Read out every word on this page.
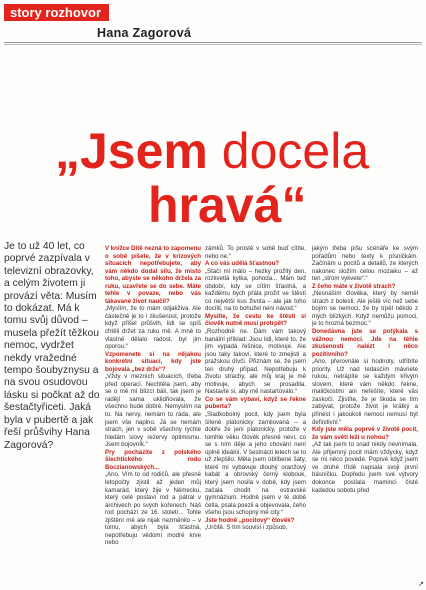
story rozhovor
Hana Zagorová
„Jsem docela
hravá“
Je to už 40 let, co poprvé zazpívala v televizní obrazovky, a celým životem ji provází věta: Musím to dokázat. Má k tomu svůj důvod – musela přežít těžkou nemoc, vydržet nekdy vražedné tempo šoubyznysu a na svou osudovou lásku si počkat až do šestačtyřiceti. Jaká byla v pubertě a jak řeší průšvihy Hana Zagorová?

V knížce Dítě nezná to zapomenu o sobě píšete, že v krizových situacích nepotřebujete, aby vám někdo dodal sílu, že místo toho, abyste se někoho držela za ruku, uzavřete se do sebe. Máte tehle v povaze, nebo vás tákavané život naučil?

„Myslím, že to mám odjakživa. Ale částečně je to i zkušenost, protože když přišel průšvih, lidi se spíš chtěli držet za ruku mě. A mně to vlastně dělalo radost, byl jim oporou.“

Vzpomenete si na nějakou konkrétní situaci, kdy jste bojovala „bez drže“?

„Vždy v mezních situacích, třeba před operací. Nechtěla jsem, aby se o mě mí blízcí báli, tak jsem je radějí sama uklidňovala, že všechno bude dobré. Nemyslím na to. Na nervy, nemám to ráda, ale jsem vše naplno. Já se nemám strach, jen v sobě všechny rychle hledám slovy rezervy optimismu. Jsem bojovník.“

Pry pocházíte z polského šlechtického rodu Boczianowských...

„Ano. Vím to od rodičů, ale přesné letopočty zjistil až jeden můj kamarád, který žije v Německu, který celé postaví rod a pátral v archivech po svých kořenech. Náš rod pochází ze 16. století... Tohle zjištění mě ale nijak nezměnilo – v tomu, abych byla šťastná, nepotřebuju vědomí modré krve nebo

zámků. To prostě v sobě buď cítíte, nebo ne.“

A co vás udělá šťastnou?

„Stačí mi málo – hezky prožitý den, rozkvetlá kytka, pohoda... Mám teď období, kdy se cítím šťastná, a každému bych přála prožít ve štěstí co největší kus života – ale jak toho docílit, na to bohužel není návod.“

Myslíte, že cestu ke štěstí si člověk nutně musí protrpět?

„Rozhodně ne. Dám vám takový banální příklad: Jsou lidi, které to, že jim vypadá řešnice, motivuje. Ale jsou taky takoví, které to zmejistí a pražskou dívčí. Přiznám se, že jsem ten druhý případ. Nepotřebuju k životu strachy, ale můj kraj je mě motivuje, abych se prosadila. Nastavte si, aby mě nastartovalo.“

Co se vám vybaví, když se řekne puberta?

„Sladkobolný pocit, kdy jsem byla šílené platonicky zamilovaná – a dobře že jeni platonicky, protože v tomhle věku člověk přesně neví, co se s ním děje a jeho chování není úplně ideální. V šestnácti letech se to už zlepšilo. Měla jsem oblíbené šaty, které mi vybavuje dlouhý oranžový kabát a obrovský černý klobouk, který jsem nosila v době, kdy jsem začala chodit na ostravské gymnázium. Hodně jsem v té době četla, psala poezii a objevovala, čeho všeho jsou schopný mé city.“

Jste hodně „pocitový“ člověk?

„Určitě. S tím souvisí i způsob,

jakým třeba píšu scénáře ke svým pořadům nebo texty k písničkám. Začínám u pocitů a detailů, ze kterých nakonec složím celou mozaiku – až ten „strom vykvete“.“

Z čeho máte v životě strach?

„Nesnáším člověka, který by neměl strach z bolesti. Ale ještě víc než sebe bojím se nemoci, že by trpěl někdo z mých blízkých. Když nemůžu pomoci, je to hrozná bezmoc.“

Donedávna jste se potýkala s vážnou nemocí. Jde na téhle zkušenosti nalézt i něco pozitivního?

„Ano, přerovnále si hodnoty, utříbíte priority. Už nad ledasčím mávnete rukou, netrápíte se každým křivým slovem, které vám někdo řekne, maličkostmi ani neřešíte, které vás zaskočí. Zjistíte, že je škoda se tím zabývat, protože život je krátký a přinést i jakoukoli nemoci nemusí být definitivní.“

Kdy jste měla poprvé v životě pocit, že vám světí leží u nohou?

„Až tak jsem to snad nikdy nevnímala. Ale příjemný pocit mám vždycky, když se mi něco povede. Poprvé když jsem ve druhé třídě napsala svoji první básničku. Dopředu jsem své výtvory dokonce posílala maminci čisté kadedou sobotu před

↗
